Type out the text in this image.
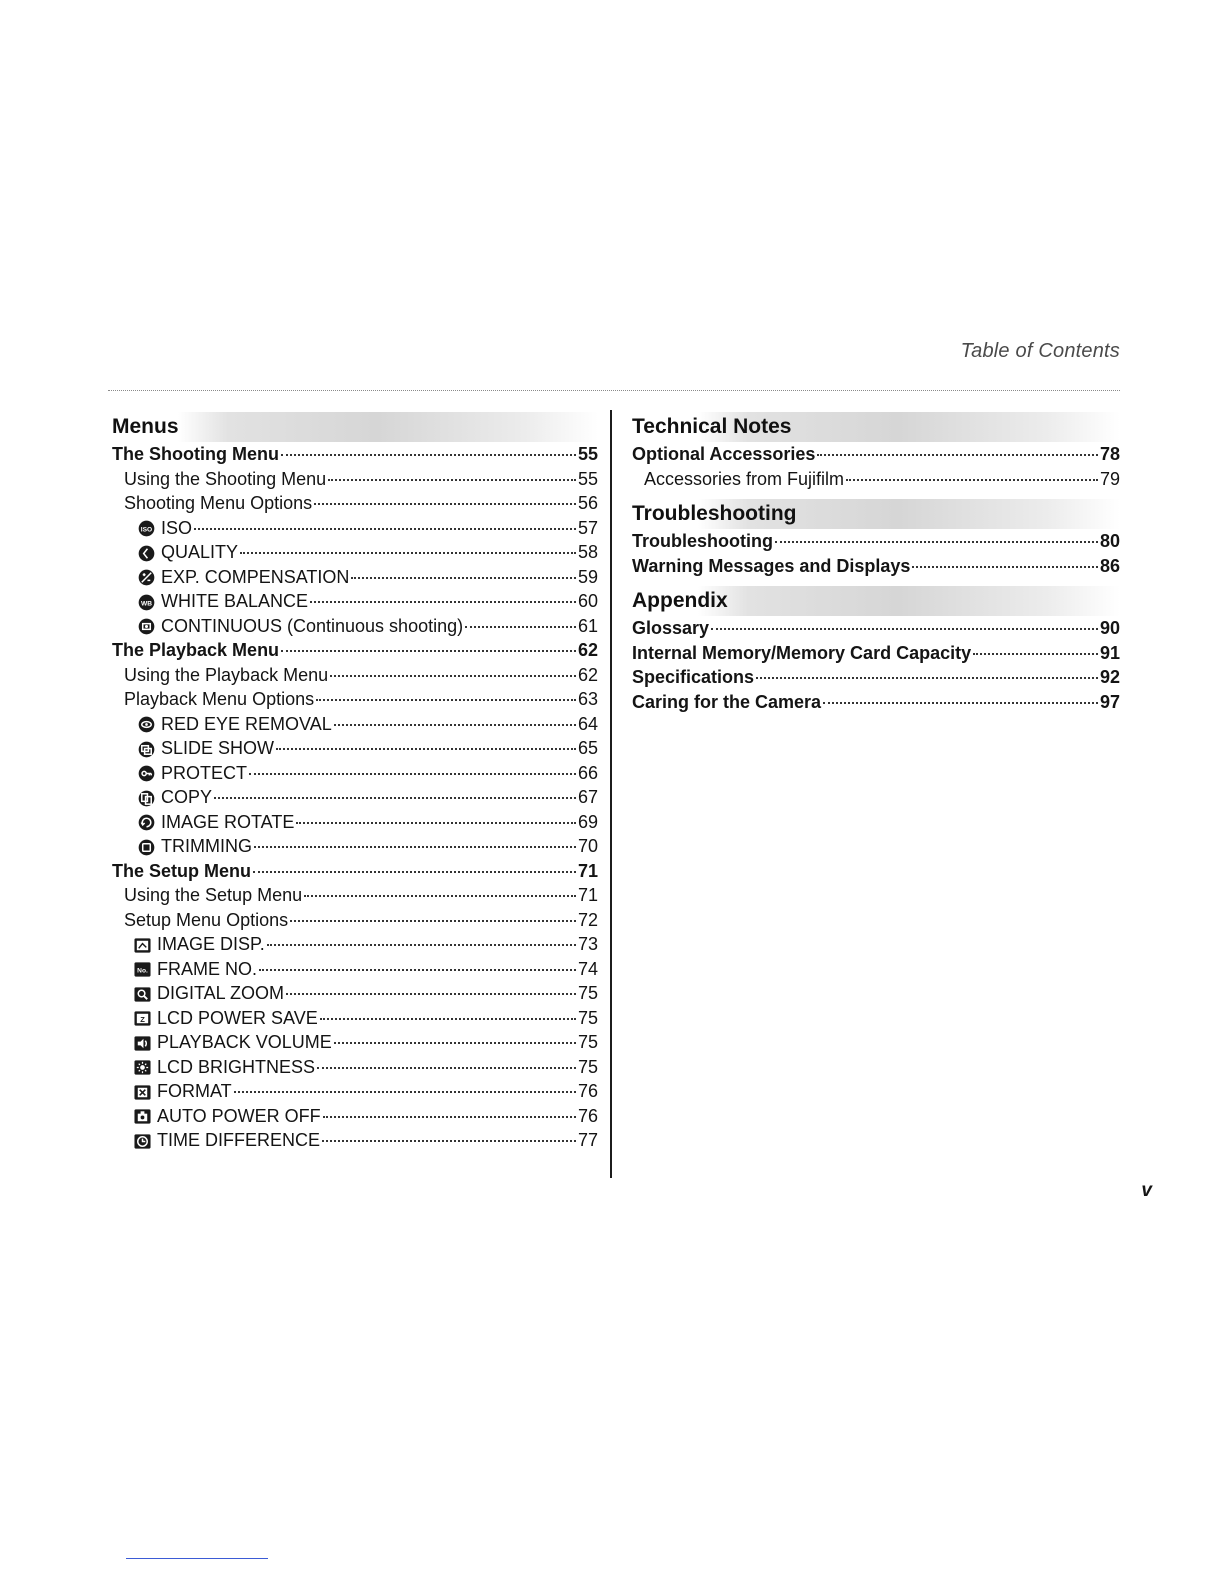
Table of Contents
Menus
The Shooting Menu	55
Using the Shooting Menu	55
Shooting Menu Options	56
ISO ISO	57
QUALITY	58
EXP. COMPENSATION	59
WB WHITE BALANCE	60
CONTINUOUS (Continuous shooting)	61
The Playback Menu	62
Using the Playback Menu	62
Playback Menu Options	63
RED EYE REMOVAL	64
SLIDE SHOW	65
PROTECT	66
COPY	67
IMAGE ROTATE	69
TRIMMING	70
The Setup Menu	71
Using the Setup Menu	71
Setup Menu Options	72
IMAGE DISP.	73
No. FRAME NO.	74
DIGITAL ZOOM	75
Z LCD POWER SAVE	75
PLAYBACK VOLUME	75
LCD BRIGHTNESS	75
FORMAT	76
AUTO POWER OFF	76
TIME DIFFERENCE	77
Technical Notes
Optional Accessories	78
Accessories from Fujifilm	79
Troubleshooting
Troubleshooting	80
Warning Messages and Displays	86
Appendix
Glossary	90
Internal Memory/Memory Card Capacity	91
Specifications	92
Caring for the Camera	97
v
